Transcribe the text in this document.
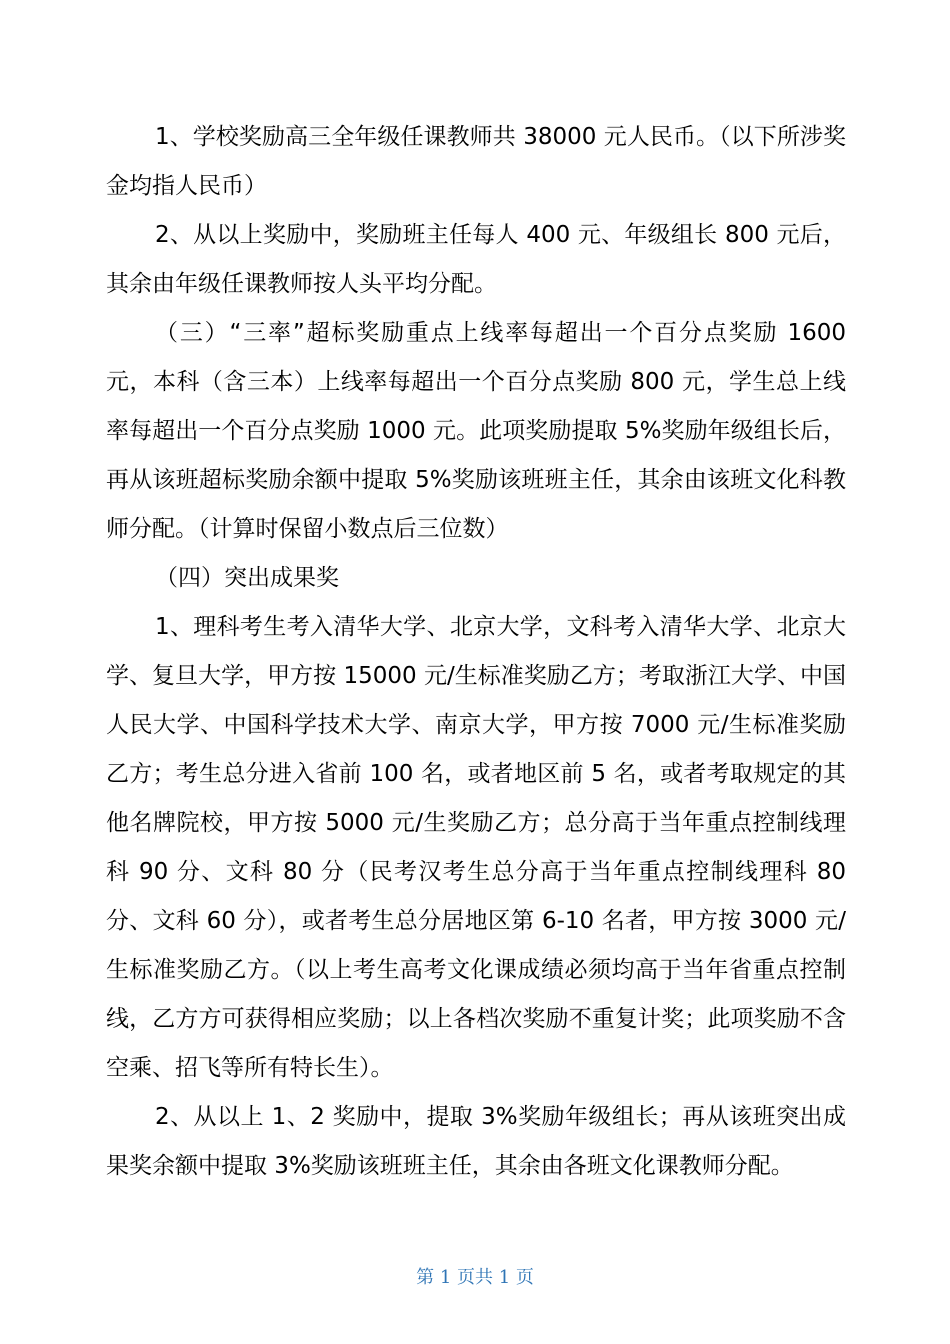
1、学校奖励高三全年级任课教师共 38000 元人民币。（以下所涉奖金均指人民币）

2、从以上奖励中，奖励班主任每人 400 元、年级组长 800 元后，其余由年级任课教师按人头平均分配。

（三）“三率”超标奖励重点上线率每超出一个百分点奖励 1600 元，本科（含三本）上线率每超出一个百分点奖励 800 元，学生总上线率每超出一个百分点奖励 1000 元。此项奖励提取 5%奖励年级组长后，再从该班超标奖励余额中提取 5%奖励该班班主任，其余由该班文化科教师分配。（计算时保留小数点后三位数）

（四）突出成果奖

1、理科考生考入清华大学、北京大学，文科考入清华大学、北京大学、复旦大学，甲方按 15000 元/生标准奖励乙方；考取浙江大学、中国人民大学、中国科学技术大学、南京大学，甲方按 7000 元/生标准奖励乙方；考生总分进入省前 100 名，或者地区前 5 名，或者考取规定的其他名牌院校，甲方按 5000 元/生奖励乙方；总分高于当年重点控制线理科 90 分、文科 80 分（民考汉考生总分高于当年重点控制线理科 80 分、文科 60 分），或者考生总分居地区第 6-10 名者，甲方按 3000 元/生标准奖励乙方。（以上考生高考文化课成绩必须均高于当年省重点控制线，乙方方可获得相应奖励；以上各档次奖励不重复计奖；此项奖励不含空乘、招飞等所有特长生）。

2、从以上 1、2 奖励中，提取 3%奖励年级组长；再从该班突出成果奖余额中提取 3%奖励该班班主任，其余由各班文化课教师分配。

第 1 页共 1 页
